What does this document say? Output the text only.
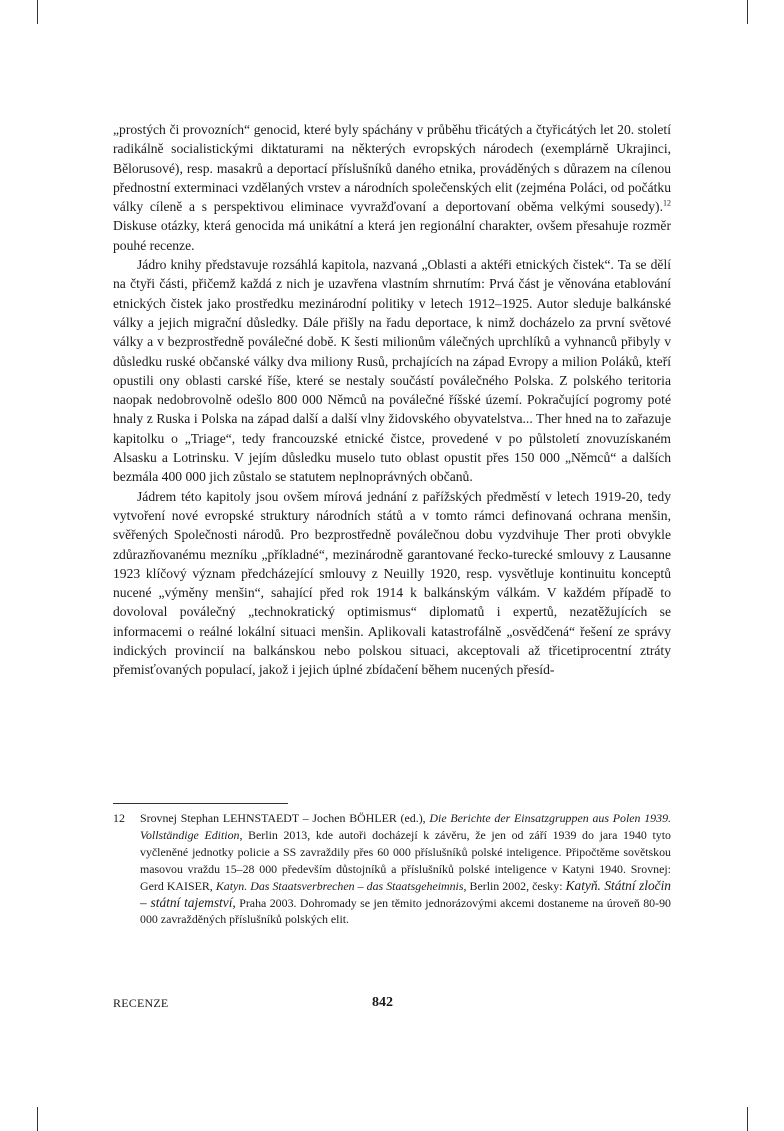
„prostých či provozních“ genocid, které byly spáchány v průběhu třicátých a čtyřicátých let 20. století radikálně socialistickými diktaturami na některých evropských národech (exemplárně Ukrajinci, Bělorusové), resp. masakrů a deportací příslušníků daného etnika, prováděných s důrazem na cílenou přednostní exterminaci vzdělaných vrstev a národních společenských elit (zejména Poláci, od počátku války cíleně a s perspektivou eliminace vyvražďovaní a deportovaní oběma velkými sousedy).$^{12}$ Diskuse otázky, která genocida má unikátní a která jen regionální charakter, ovšem přesahuje rozměr pouhé recenze.

Jádro knihy představuje rozsáhlá kapitola, nazvaná „Oblasti a aktéři etnických čistek“. Ta se dělí na čtyři části, přičemž každá z nich je uzavřena vlastním shrnutím: Prvá část je věnována etablování etnických čistek jako prostředku mezinárodní politiky v letech 1912–1925. Autor sleduje balkánské války a jejich migrační důsledky. Dále přišly na řadu deportace, k nimž docházelo za první světové války a v bezprostředně poválečné době. K šesti milionům válečných uprchlíků a vyhnanců přibyly v důsledku ruské občanské války dva miliony Rusů, prchajících na západ Evropy a milion Poláků, kteří opustili ony oblasti carské říše, které se nestaly součástí poválečného Polska. Z polského teritoria naopak nedobrovolně odešlo 800 000 Němců na poválečné říšské území. Pokračující pogromy poté hnaly z Ruska i Polska na západ další a další vlny židovského obyvatelstva... Ther hned na to zařazuje kapitolku o „Triage“, tedy francouzské etnické čistce, provedené v po půlstoletí znovuzískaném Alsasku a Lotrinsku. V jejím důsledku muselo tuto oblast opustit přes 150 000 „Němců“ a dalších bezmála 400 000 jich zůstalo se statutem neplnoprávných občanů.

Jádrem této kapitoly jsou ovšem mírová jednání z pařížských předměstí v letech 1919-20, tedy vytvoření nové evropské struktury národních států a v tomto rámci definovaná ochrana menšin, svěřených Společnosti národů. Pro bezprostředně poválečnou dobu vyzdvihuje Ther proti obvykle zdůrazňovanému mezníku „příkladné“, mezinárodně garantované řecko-turecké smlouvy z Lausanne 1923 klíčový význam předcházející smlouvy z Neuilly 1920, resp. vysvětluje kontinuitu konceptů nucené „výměny menšin“, sahající před rok 1914 k balkánským válkám. V každém případě to dovoloval poválečný „technokratický optimismus“ diplomatů i expertů, nezatěžujících se informacemi o reálné lokální situaci menšin. Aplikovali katastrofálně „osvědčená“ řešení ze správy indických provincií na balkánskou nebo polskou situaci, akceptovali až třicetiprocentní ztráty přemisťovaných populací, jakož i jejich úplné zbídačení během nucených přesíd-

12 Srovnej Stephan LEHNSTAEDT – Jochen BÖHLER (ed.), Die Berichte der Einsatzgruppen aus Polen 1939. Vollständige Edition, Berlin 2013, kde autoři docházejí k závěru, že jen od září 1939 do jara 1940 tyto vyčleněné jednotky policie a SS zavraždily přes 60 000 příslušníků polské inteligence. Připočtěme sovětskou masovou vraždu 15–28 000 především důstojníků a příslušníků polské inteligence v Katyni 1940. Srovnej: Gerd KAISER, Katyn. Das Staatsverbrechen – das Staatsgeheimnis, Berlin 2002, česky: Katyň. Státní zločin – státní tajemství, Praha 2003. Dohromady se jen těmito jednorázovými akcemi dostaneme na úroveň 80-90 000 zavražděných příslušníků polských elit.
RECENZE	842
